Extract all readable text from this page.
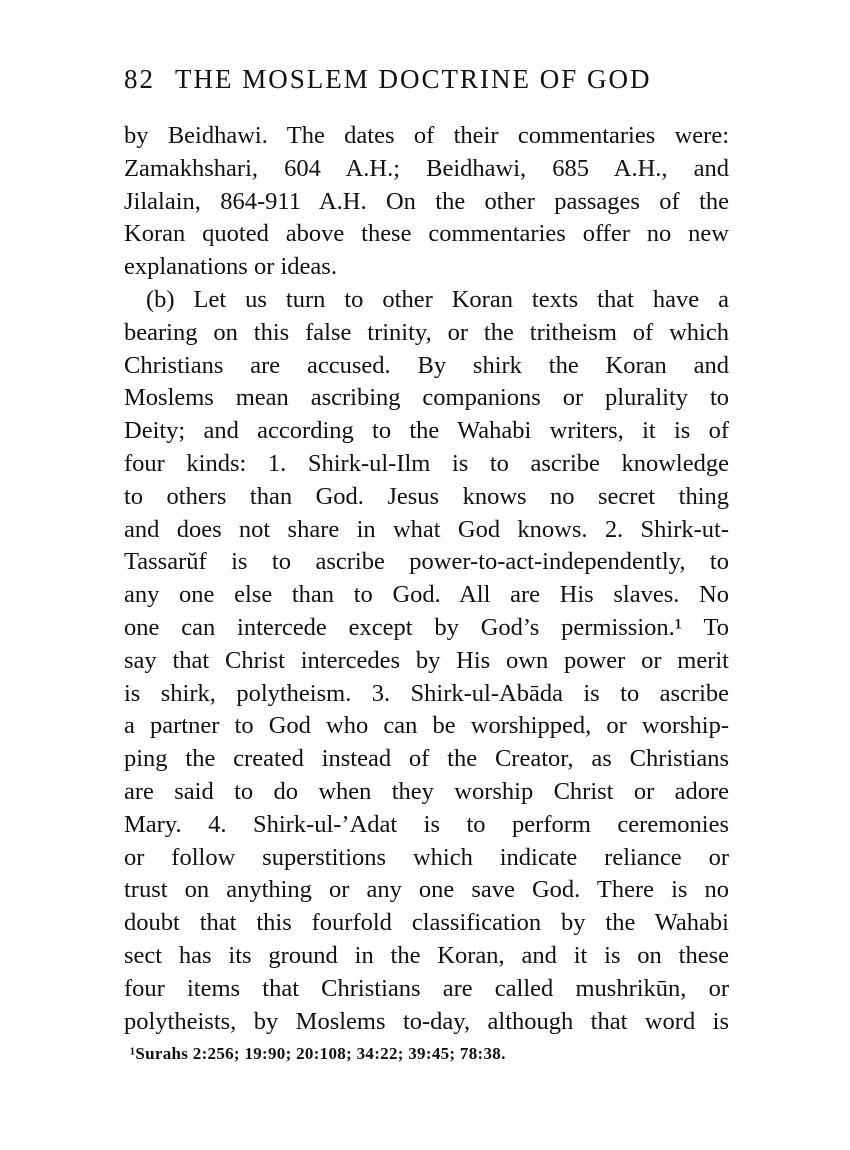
82 THE MOSLEM DOCTRINE OF GOD
by Beidhawi. The dates of their commentaries were:
Zamakhshari, 604 A.H.; Beidhawi, 685 A.H., and
Jilalain, 864-911 A.H. On the other passages of the
Koran quoted above these commentaries offer no new
explanations or ideas.
(b) Let us turn to other Koran texts that have a
bearing on this false trinity, or the tritheism of which
Christians are accused. By shirk the Koran and
Moslems mean ascribing companions or plurality to
Deity; and according to the Wahabi writers, it is of
four kinds: 1. Shirk-ul-Ilm is to ascribe knowledge
to others than God. Jesus knows no secret thing
and does not share in what God knows. 2. Shirk-ut-
Tassarŭf is to ascribe power-to-act-independently, to
any one else than to God. All are His slaves. No
one can intercede except by God’s permission.¹ To
say that Christ intercedes by His own power or merit
is shirk, polytheism. 3. Shirk-ul-Abāda is to ascribe
a partner to God who can be worshipped, or worship-
ping the created instead of the Creator, as Christians
are said to do when they worship Christ or adore
Mary. 4. Shirk-ul-’Adat is to perform ceremonies
or follow superstitions which indicate reliance or
trust on anything or any one save God. There is no
doubt that this fourfold classification by the Wahabi
sect has its ground in the Koran, and it is on these
four items that Christians are called mushrikūn, or
polytheists, by Moslems to-day, although that word is
¹Surahs 2:256; 19:90; 20:108; 34:22; 39:45; 78:38.
